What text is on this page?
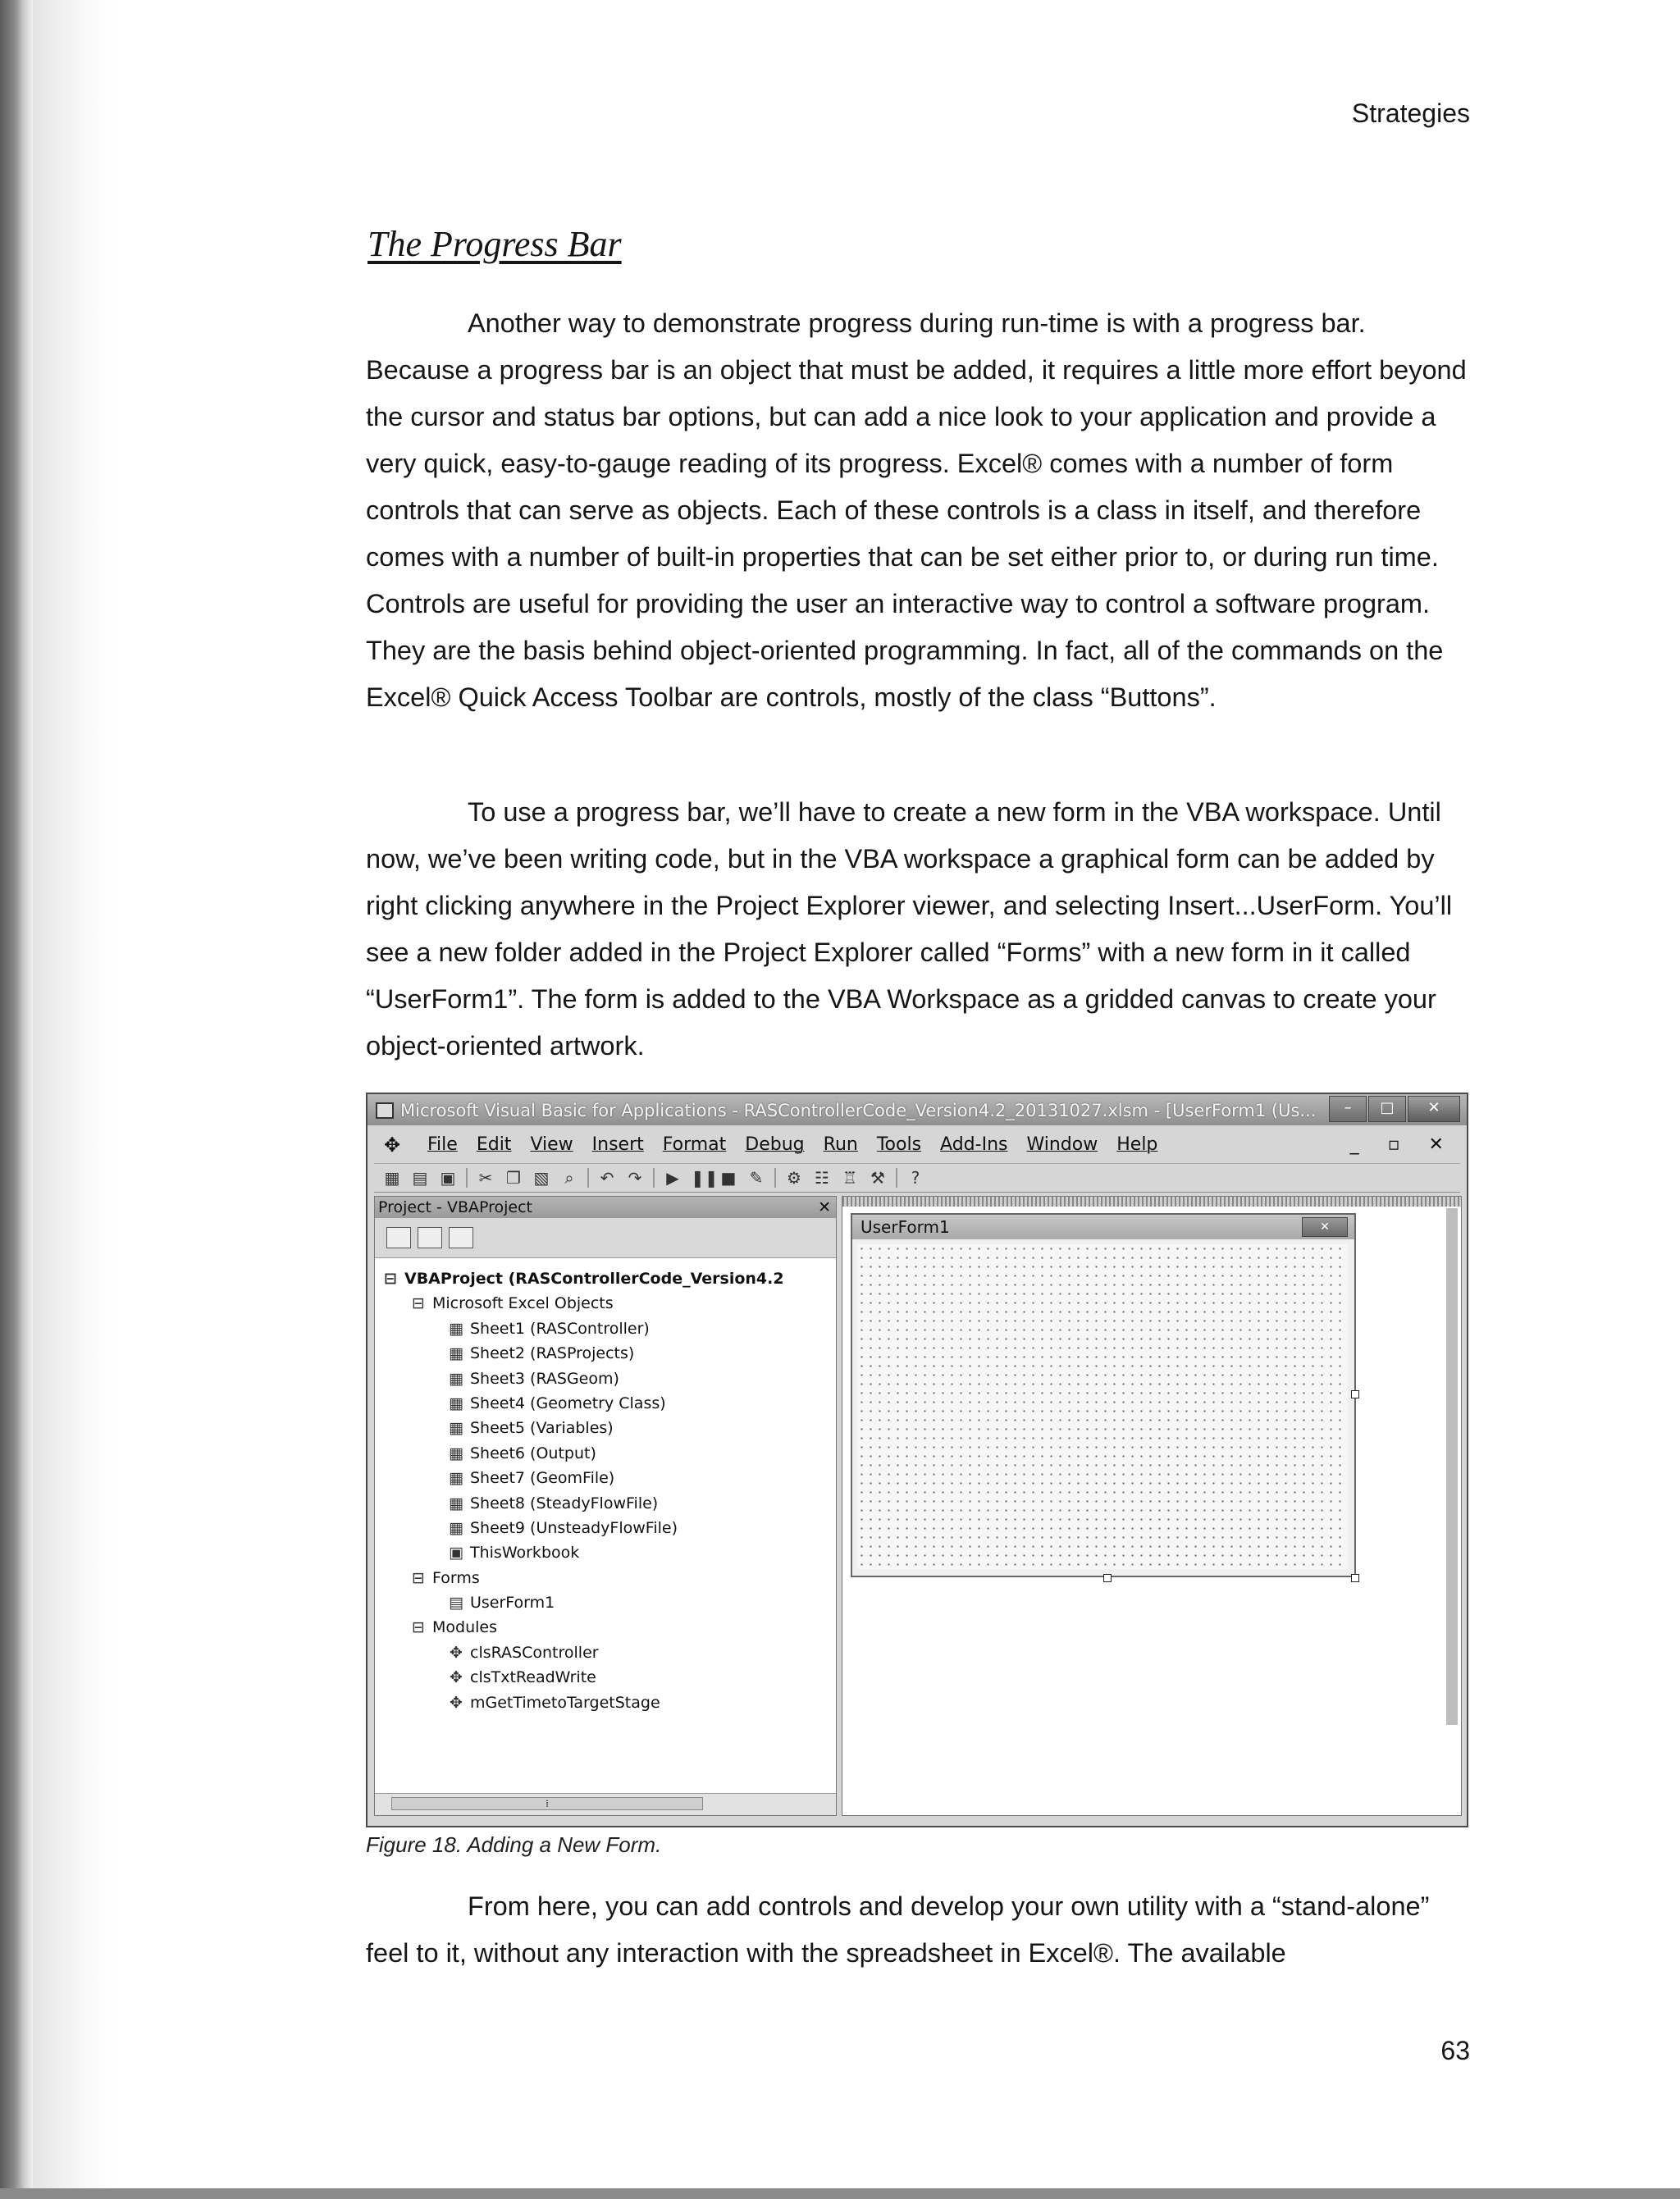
Strategies
The Progress Bar

Another way to demonstrate progress during run-time is with a progress bar. Because a progress bar is an object that must be added, it requires a little more effort beyond the cursor and status bar options, but can add a nice look to your application and provide a very quick, easy-to-gauge reading of its progress. Excel® comes with a number of form controls that can serve as objects. Each of these controls is a class in itself, and therefore comes with a number of built-in properties that can be set either prior to, or during run time. Controls are useful for providing the user an interactive way to control a software program. They are the basis behind object-oriented programming. In fact, all of the commands on the Excel® Quick Access Toolbar are controls, mostly of the class “Buttons”.

To use a progress bar, we’ll have to create a new form in the VBA workspace. Until now, we’ve been writing code, but in the VBA workspace a graphical form can be added by right clicking anywhere in the Project Explorer viewer, and selecting Insert...UserForm. You’ll see a new folder added in the Project Explorer called “Forms” with a new form in it called “UserForm1”. The form is added to the VBA Workspace as a gridded canvas to create your object-oriented artwork.

Microsoft Visual Basic for Applications - RASControllerCode_Version4.2_20131027.xlsm - [UserForm1 (Us...	–	□	✕
✥ File Edit View Insert Format Debug Run Tools Add-Ins Window Help	_ ▫ ✕
▦ ▤ ▣ ✂ ❐ ▧ ⌕	↶ ↷ ▶ ❚❚ ■ ✎ ⚙ ☷ ♖ ⚒	?
Project - VBAProject	✕
⊟ VBAProject (RASControllerCode_Version4.2
⊟ Microsoft Excel Objects
▦ Sheet1 (RASController)
▦ Sheet2 (RASProjects)
▦ Sheet3 (RASGeom)
▦ Sheet4 (Geometry Class)
▦ Sheet5 (Variables)
▦ Sheet6 (Output)
▦ Sheet7 (GeomFile)
▦ Sheet8 (SteadyFlowFile)
▦ Sheet9 (UnsteadyFlowFile)
▣ ThisWorkbook
⊟ Forms
▤ UserForm1
⊟ Modules
✥ clsRASController
✥ clsTxtReadWrite
✥ mGetTimetoTargetStage
⁞
UserForm1	✕
Figure 18. Adding a New Form.

From here, you can add controls and develop your own utility with a “stand-alone” feel to it, without any interaction with the spreadsheet in Excel®. The available

63
